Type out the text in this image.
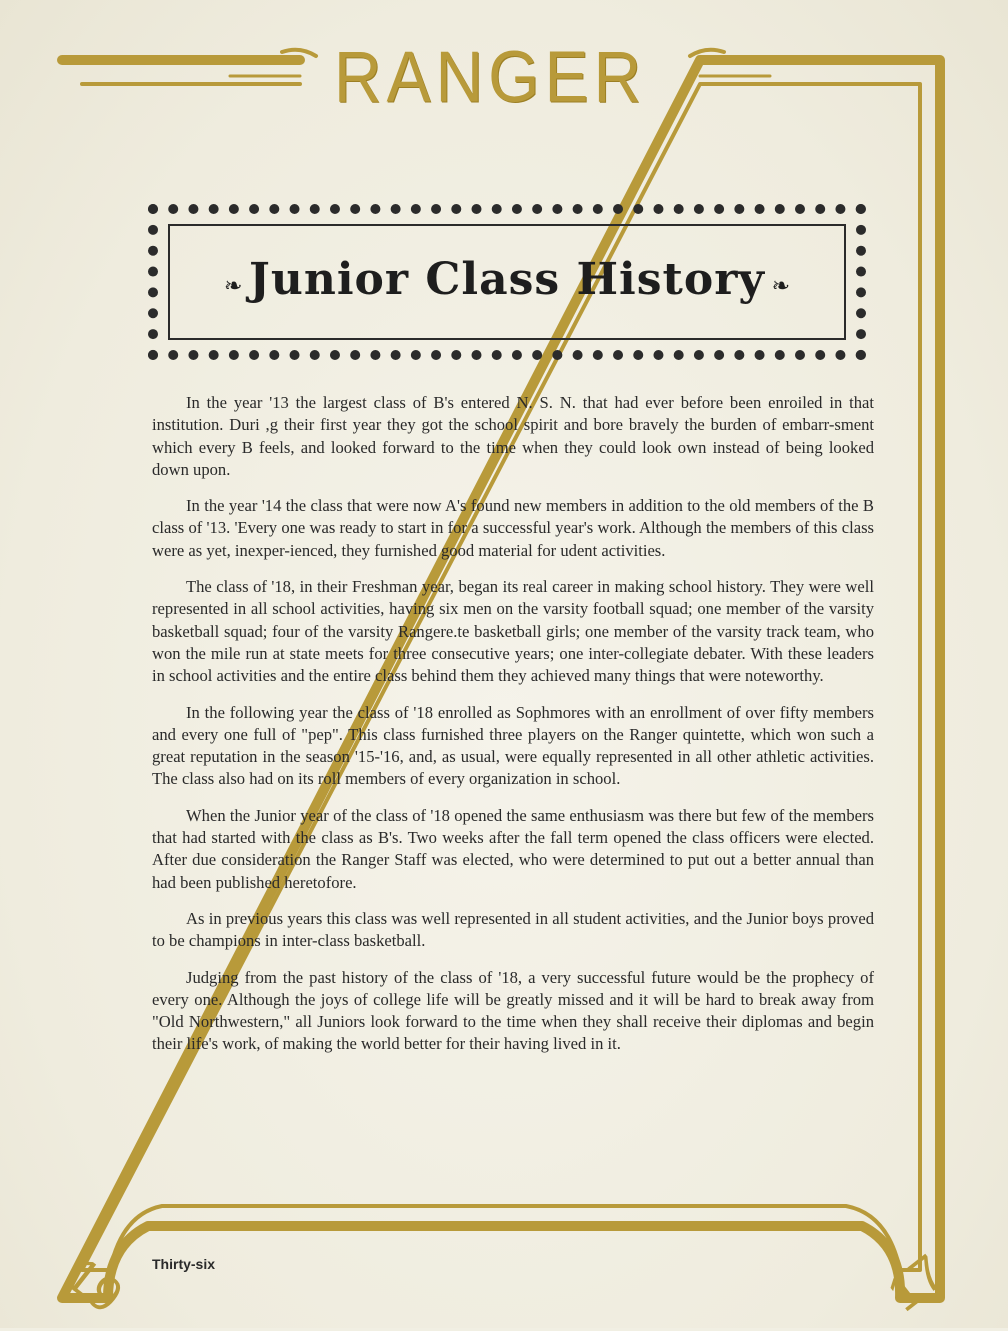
RANGER
19	17
❧ Junior Class History ❧

In the year '13 the largest class of B's entered N. S. N. that had ever before been enroiled in that institution. Duri ,g their first year they got the school spirit and bore bravely the burden of embarr-sment which every B feels, and looked forward to the time when they could look own instead of being looked down upon.

In the year '14 the class that were now A's found new members in addition to the old members of the B class of '13. 'Every one was ready to start in for a successful year's work. Although the members of this class were as yet, inexper-ienced, they furnished good material for udent activities.

The class of '18, in their Freshman year, began its real career in making school history. They were well represented in all school activities, having six men on the varsity football squad; one member of the varsity basketball squad; four of the varsity Rangere.te basketball girls; one member of the varsity track team, who won the mile run at state meets for three consecutive years; one inter-collegiate debater. With these leaders in school activities and the entire class behind them they achieved many things that were noteworthy.

In the following year the class of '18 enrolled as Sophmores with an enrollment of over fifty members and every one full of "pep". This class furnished three players on the Ranger quintette, which won such a great reputation in the season '15-'16, and, as usual, were equally represented in all other athletic activities. The class also had on its roll members of every organization in school.

When the Junior year of the class of '18 opened the same enthusiasm was there but few of the members that had started with the class as B's. Two weeks after the fall term opened the class officers were elected. After due consideration the Ranger Staff was elected, who were determined to put out a better annual than had been published heretofore.

As in previous years this class was well represented in all student activities, and the Junior boys proved to be champions in inter-class basketball.

Judging from the past history of the class of '18, a very successful future would be the prophecy of every one. Although the joys of college life will be greatly missed and it will be hard to break away from "Old Northwestern," all Juniors look forward to the time when they shall receive their diplomas and begin their life's work, of making the world better for their having lived in it.

Thirty-six
